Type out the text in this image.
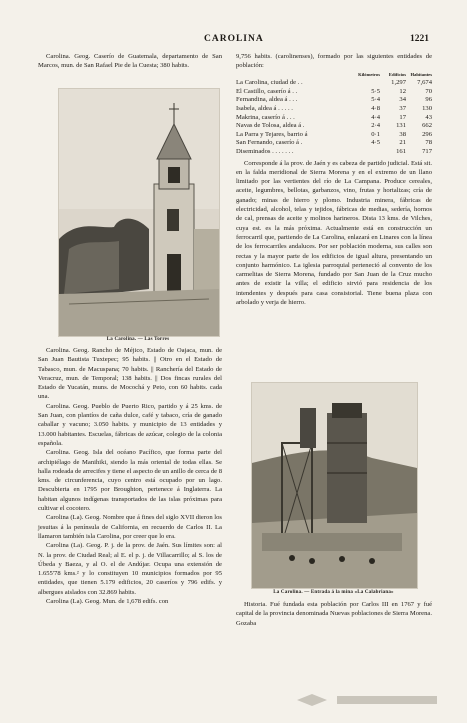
CAROLINA	1221

Carolina. Geog. Caserío de Guatemala, departamento de San Marcos, mun. de San Rafael Pie de la Cuesta; 380 habits.

La Carolina. — Las Torres

Carolina. Geog. Rancho de Méjico, Estado de Oajaca, mun. de San Juan Bautista Tuxtepec; 95 habits. || Otro en el Estado de Tabasco, mun. de Macuspana; 70 habits. || Ranchería del Estado de Veracruz, mun. de Temporal; 138 habits. || Dos fincas rurales del Estado de Yucatán, muns. de Mocochá y Peto, con 60 habits. cada una.

Carolina. Geog. Pueblo de Puerto Rico, partido y á 25 kms. de San Juan, con plantíos de caña dulce, café y tabaco, cría de ganado caballar y vacuno; 3.050 habits. y municipio de 13 entidades y 13.000 habitantes. Escuelas, fábricas de azúcar, colegio de la colonia española.

Carolina. Geog. Isla del océano Pacífico, que forma parte del archipiélago de Manihiki, siendo la más oriental de todas ellas. Se halla rodeada de arrecifes y tiene el aspecto de un anillo de cerca de 8 kms. de circunferencia, cuyo centro está ocupado por un lago. Descubierta en 1795 por Broughton, pertenece á Inglaterra. La habitan algunos indígenas transportados de las islas próximas para cultivar el cocotero.

Carolina (La). Geog. Nombre que á fines del siglo XVII dieron los jesuitas á la península de California, en recuerdo de Carlos II. La llamaron también isla Carolina, por creer que lo era.

Carolina (La). Geog. P. j. de la prov. de Jaén. Sus límites son: al N. la prov. de Ciudad Real; al E. el p. j. de Villacarrillo; al S. los de Úbeda y Baeza, y al O. el de Andújar. Ocupa una extensión de 1.655'78 kms.² y lo constituyen 10 municipios formados por 95 entidades, que tienen 5.179 edificios, 20 caseríos y 796 edifs. y albergues aislados con 32.869 habits.

Carolina (La). Geog. Mun. de 1,678 edifs. con

9,756 habits. (carolinenses), formado por las siguientes entidades de población:

	Kilómetros	Edificios	Habitantes
La Carolina, ciudad de . .		1,297	7,674
El Castillo, caserío á . .	5·5	12	70
Fernandina, aldea á . . .	5·4	34	96
Isabela, aldea á . . . . .	4·8	37	130
Makrina, caserío á . . .	4·4	17	43
Navas de Tolosa, aldea á .	2·4	131	662
La Parra y Tejares, barrio á	0·1	38	296
San Fernando, caserío á .	4·5	21	78
Diseminados . . . . . . .		161	717

Corresponde á la prov. de Jaén y es cabeza de partido judicial. Está sit. en la falda meridional de Sierra Morena y en el extremo de un llano limitado por las vertientes del río de La Campana. Produce cereales, aceite, legumbres, bellotas, garbanzos, vino, frutas y hortalizas; cría de ganado; minas de hierro y plomo. Industria minera, fábricas de electricidad, alcohol, telas y tejidos, fábricas de medias, sedería, hornos de cal, prensas de aceite y molinos harineros. Dista 13 kms. de Vilches, cuya est. es la más próxima. Actualmente está en construcción un ferrocarril que, partiendo de La Carolina, enlazará en Linares con la línea de los ferrocarriles andaluces. Por ser población moderna, sus calles son rectas y la mayor parte de los edificios de igual altura, presentando un conjunto harmónico. La iglesia parroquial perteneció al convento de los carmelitas de Sierra Morena, fundado por San Juan de la Cruz mucho antes de existir la villa; el edificio sirvió para residencia de los intendentes y después para casa consistorial. Tiene buena plaza con arbolado y verja de hierro.

La Carolina. — Entrada á la mina «La Calabriana»

Historia. Fué fundada esta población por Carlos III en 1767 y fué capital de la provincia denominada Nuevas poblaciones de Sierra Morena. Gozaba
